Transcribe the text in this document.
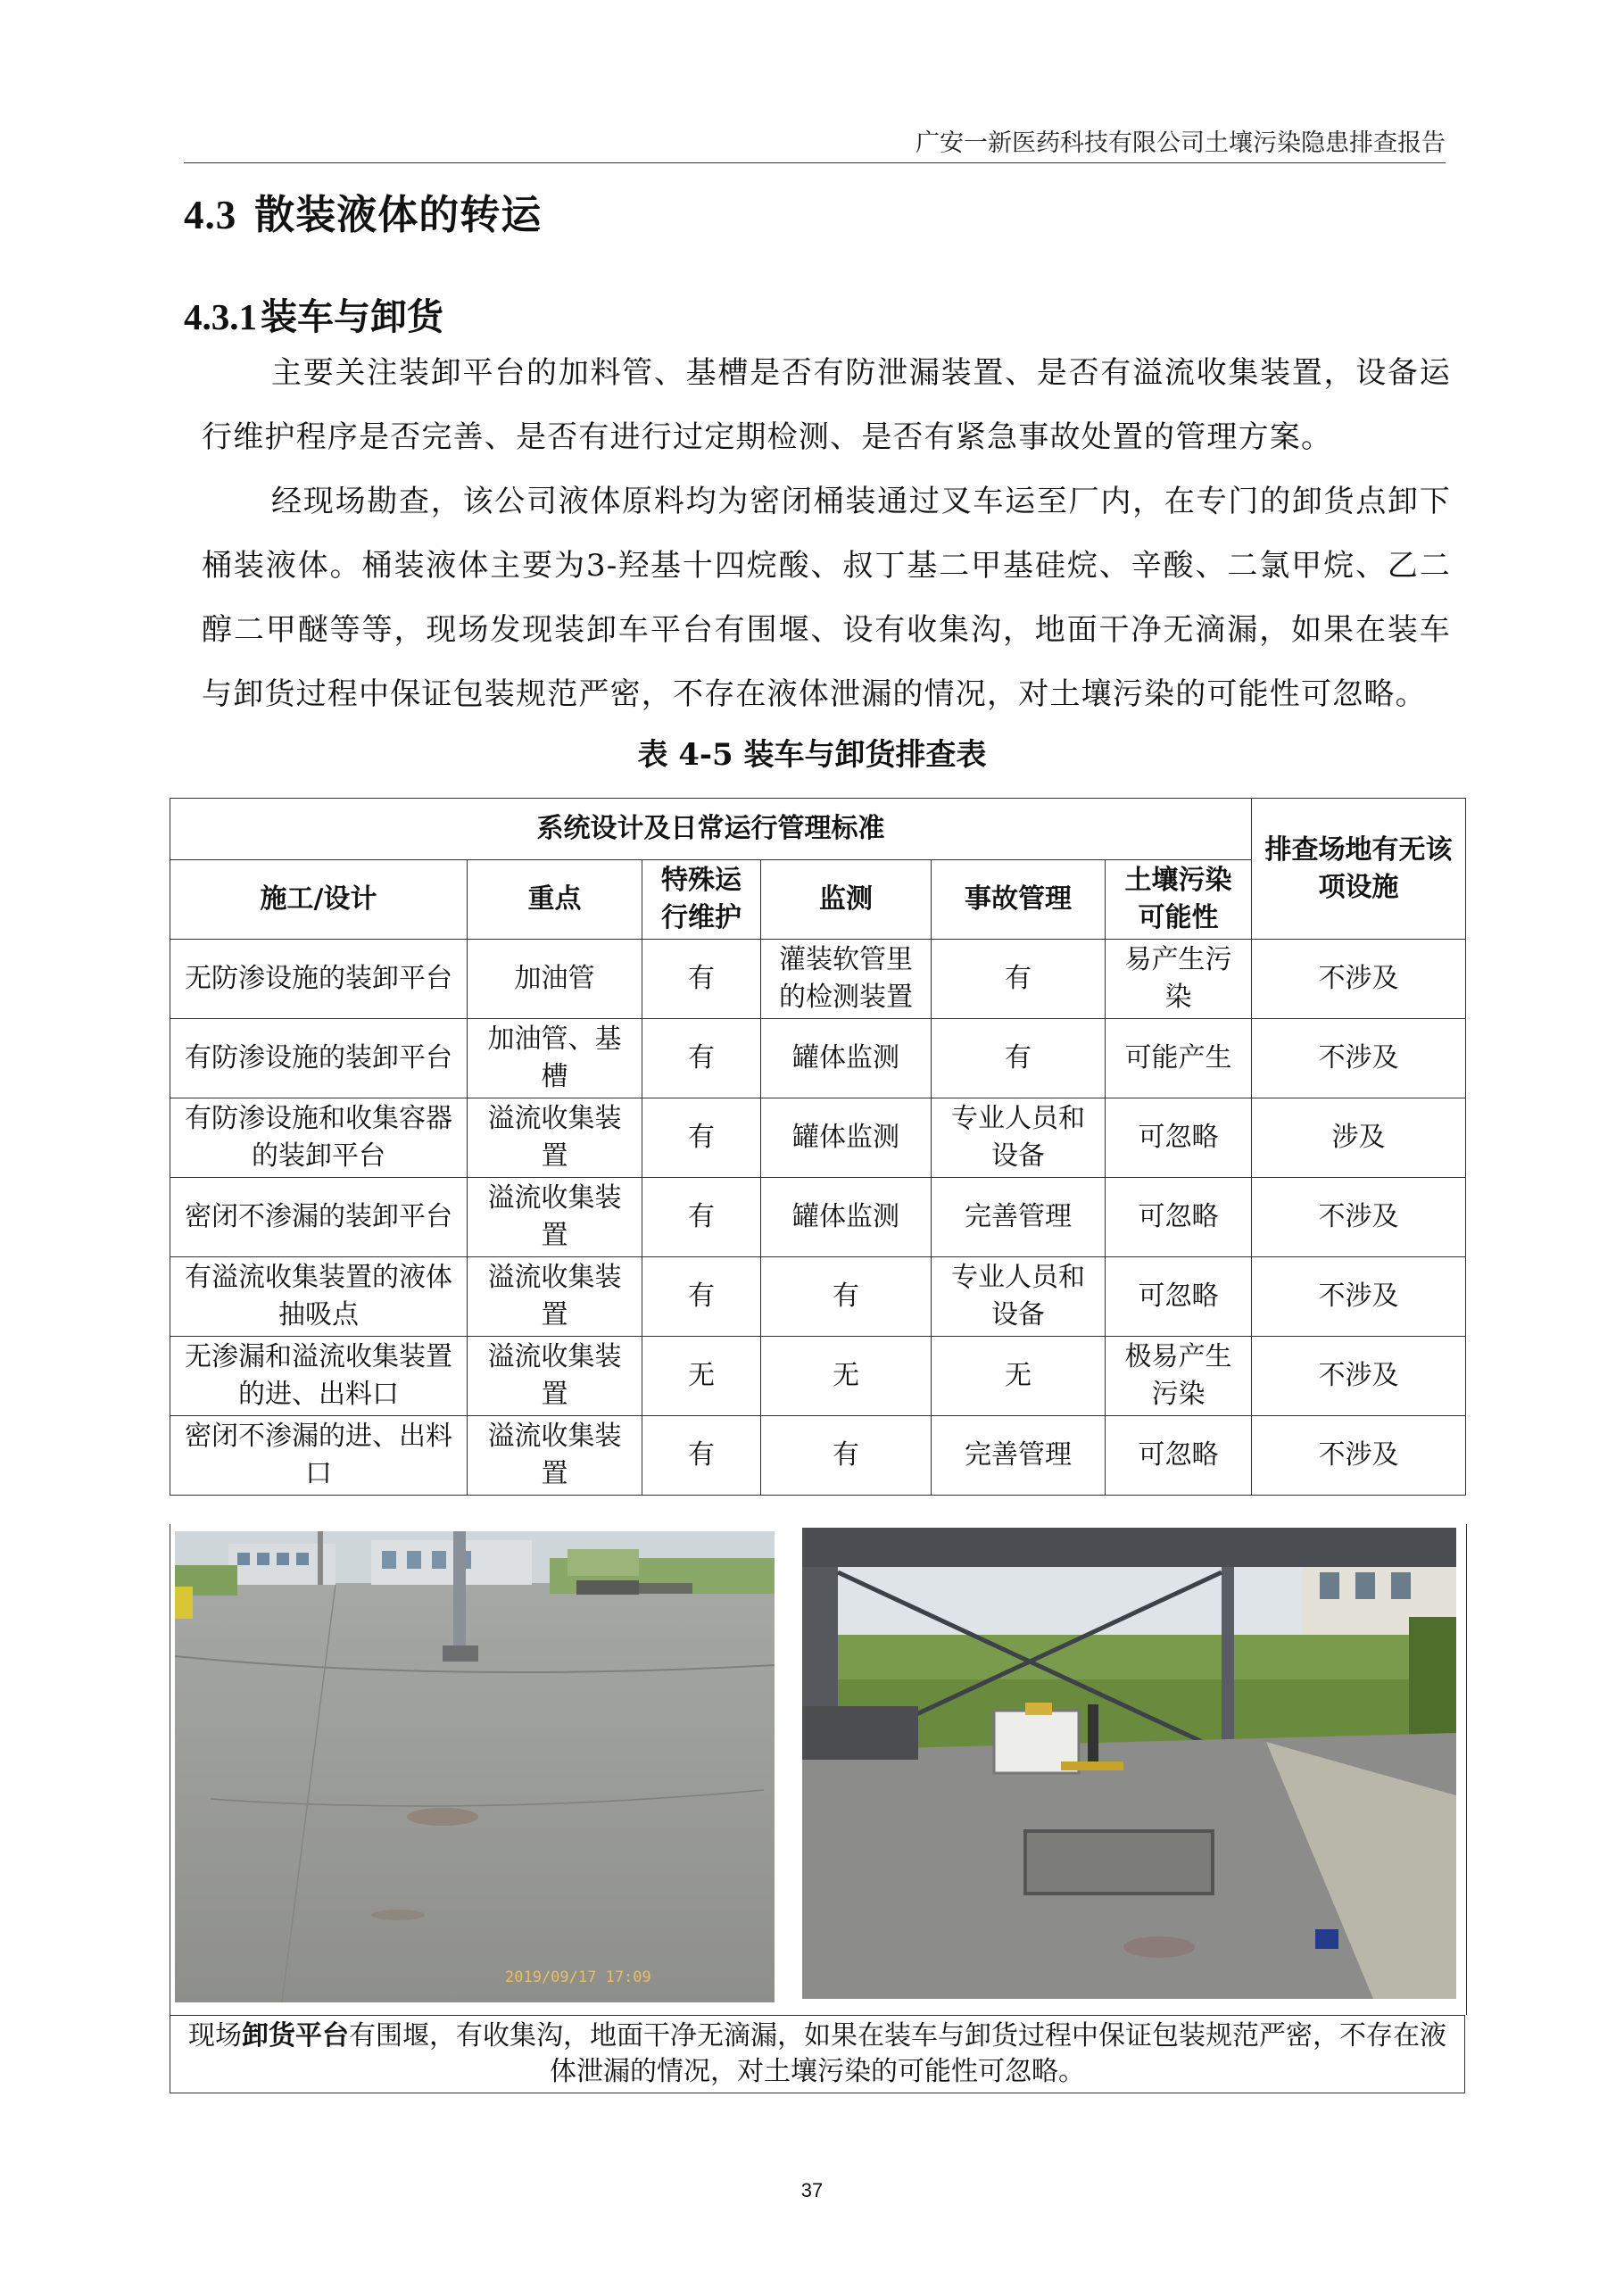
广安一新医药科技有限公司土壤污染隐患排查报告
4.3 散装液体的转运
4.3.1装车与卸货
主要关注装卸平台的加料管、基槽是否有防泄漏装置、是否有溢流收集装置，设备运行维护程序是否完善、是否有进行过定期检测、是否有紧急事故处置的管理方案。
经现场勘查，该公司液体原料均为密闭桶装通过叉车运至厂内，在专门的卸货点卸下桶装液体。桶装液体主要为3-羟基十四烷酸、叔丁基二甲基硅烷、辛酸、二氯甲烷、乙二醇二甲醚等等，现场发现装卸车平台有围堰、设有收集沟，地面干净无滴漏，如果在装车与卸货过程中保证包装规范严密，不存在液体泄漏的情况，对土壤污染的可能性可忽略。
表 4-5 装车与卸货排查表
系统设计及日常运行管理标准						排查场地有无该项设施
施工/设计	重点	特殊运行维护	监测	事故管理	土壤污染可能性	
无防渗设施的装卸平台	加油管	有	灌装软管里的检测装置	有	易产生污染	不涉及
有防渗设施的装卸平台	加油管、基槽	有	罐体监测	有	可能产生	不涉及
有防渗设施和收集容器的装卸平台	溢流收集装置	有	罐体监测	专业人员和设备	可忽略	涉及
密闭不渗漏的装卸平台	溢流收集装置	有	罐体监测	完善管理	可忽略	不涉及
有溢流收集装置的液体抽吸点	溢流收集装置	有	有	专业人员和设备	可忽略	不涉及
无渗漏和溢流收集装置的进、出料口	溢流收集装置	无	无	无	极易产生污染	不涉及
密闭不渗漏的进、出料口	溢流收集装置	有	有	完善管理	可忽略	不涉及
2019/09/17 17:09
现场卸货平台有围堰，有收集沟，地面干净无滴漏，如果在装车与卸货过程中保证包装规范严密，不存在液体泄漏的情况，对土壤污染的可能性可忽略。
37
